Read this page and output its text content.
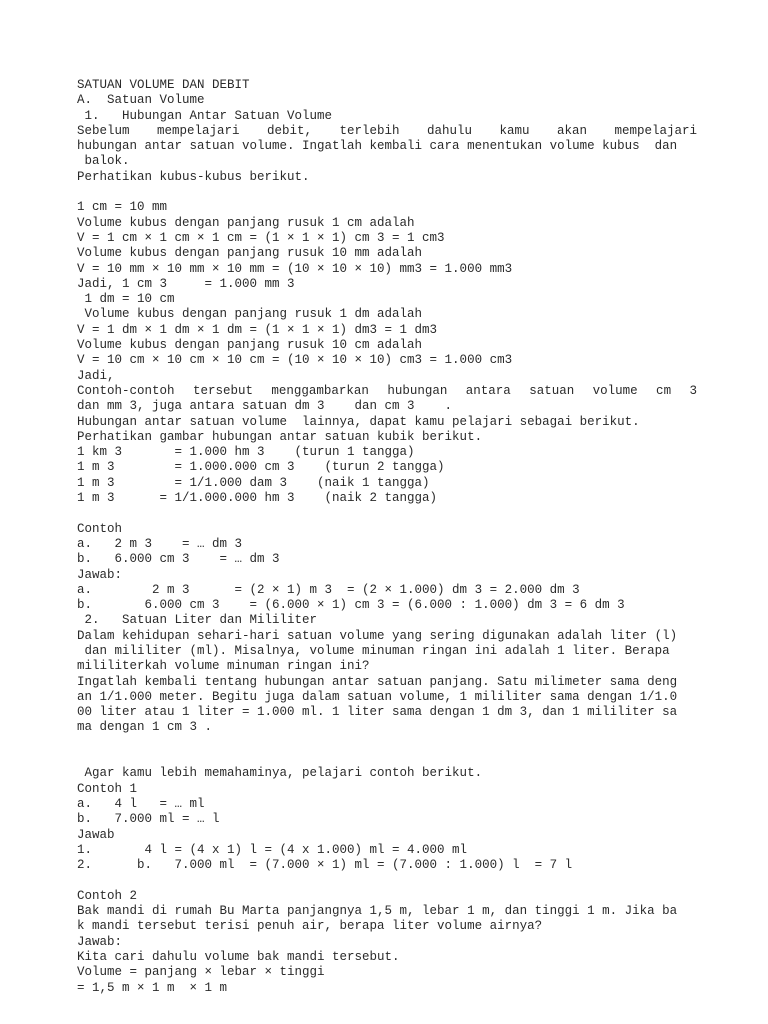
SATUAN VOLUME DAN DEBIT
A.  Satuan Volume
1.   Hubungan Antar Satuan Volume
Sebelum mempelajari debit, terlebih dahulu kamu akan mempelajari
hubungan antar satuan volume. Ingatlah kembali cara menentukan volume kubus  dan
balok.
Perhatikan kubus-kubus berikut.
1 cm = 10 mm
Volume kubus dengan panjang rusuk 1 cm adalah
V = 1 cm × 1 cm × 1 cm = (1 × 1 × 1) cm 3 = 1 cm3
Volume kubus dengan panjang rusuk 10 mm adalah
V = 10 mm × 10 mm × 10 mm = (10 × 10 × 10) mm3 = 1.000 mm3
Jadi, 1 cm 3     = 1.000 mm 3
1 dm = 10 cm
Volume kubus dengan panjang rusuk 1 dm adalah
V = 1 dm × 1 dm × 1 dm = (1 × 1 × 1) dm3 = 1 dm3
Volume kubus dengan panjang rusuk 10 cm adalah
V = 10 cm × 10 cm × 10 cm = (10 × 10 × 10) cm3 = 1.000 cm3
Jadi,
Contoh-contoh tersebut menggambarkan hubungan antara satuan volume cm 3
dan mm 3, juga antara satuan dm 3    dan cm 3    .
Hubungan antar satuan volume  lainnya, dapat kamu pelajari sebagai berikut.
Perhatikan gambar hubungan antar satuan kubik berikut.
1 km 3       = 1.000 hm 3    (turun 1 tangga)
1 m 3        = 1.000.000 cm 3    (turun 2 tangga)
1 m 3        = 1/1.000 dam 3    (naik 1 tangga)
1 m 3      = 1/1.000.000 hm 3    (naik 2 tangga)
Contoh
a.   2 m 3    = … dm 3
b.   6.000 cm 3    = … dm 3
Jawab:
a.        2 m 3      = (2 × 1) m 3  = (2 × 1.000) dm 3 = 2.000 dm 3
b.       6.000 cm 3    = (6.000 × 1) cm 3 = (6.000 : 1.000) dm 3 = 6 dm 3
2.   Satuan Liter dan Mililiter
Dalam kehidupan sehari-hari satuan volume yang sering digunakan adalah liter (l)
dan mililiter (ml). Misalnya, volume minuman ringan ini adalah 1 liter. Berapa
mililiterkah volume minuman ringan ini?
Ingatlah kembali tentang hubungan antar satuan panjang. Satu milimeter sama deng
an 1/1.000 meter. Begitu juga dalam satuan volume, 1 mililiter sama dengan 1/1.0
00 liter atau 1 liter = 1.000 ml. 1 liter sama dengan 1 dm 3, dan 1 mililiter sa
ma dengan 1 cm 3 .
Agar kamu lebih memahaminya, pelajari contoh berikut.
Contoh 1
a.   4 l   = … ml
b.   7.000 ml = … l
Jawab
1.       4 l = (4 x 1) l = (4 x 1.000) ml = 4.000 ml
2.      b.   7.000 ml  = (7.000 × 1) ml = (7.000 : 1.000) l  = 7 l
Contoh 2
Bak mandi di rumah Bu Marta panjangnya 1,5 m, lebar 1 m, dan tinggi 1 m. Jika ba
k mandi tersebut terisi penuh air, berapa liter volume airnya?
Jawab:
Kita cari dahulu volume bak mandi tersebut.
Volume = panjang × lebar × tinggi
= 1,5 m × 1 m  × 1 m
